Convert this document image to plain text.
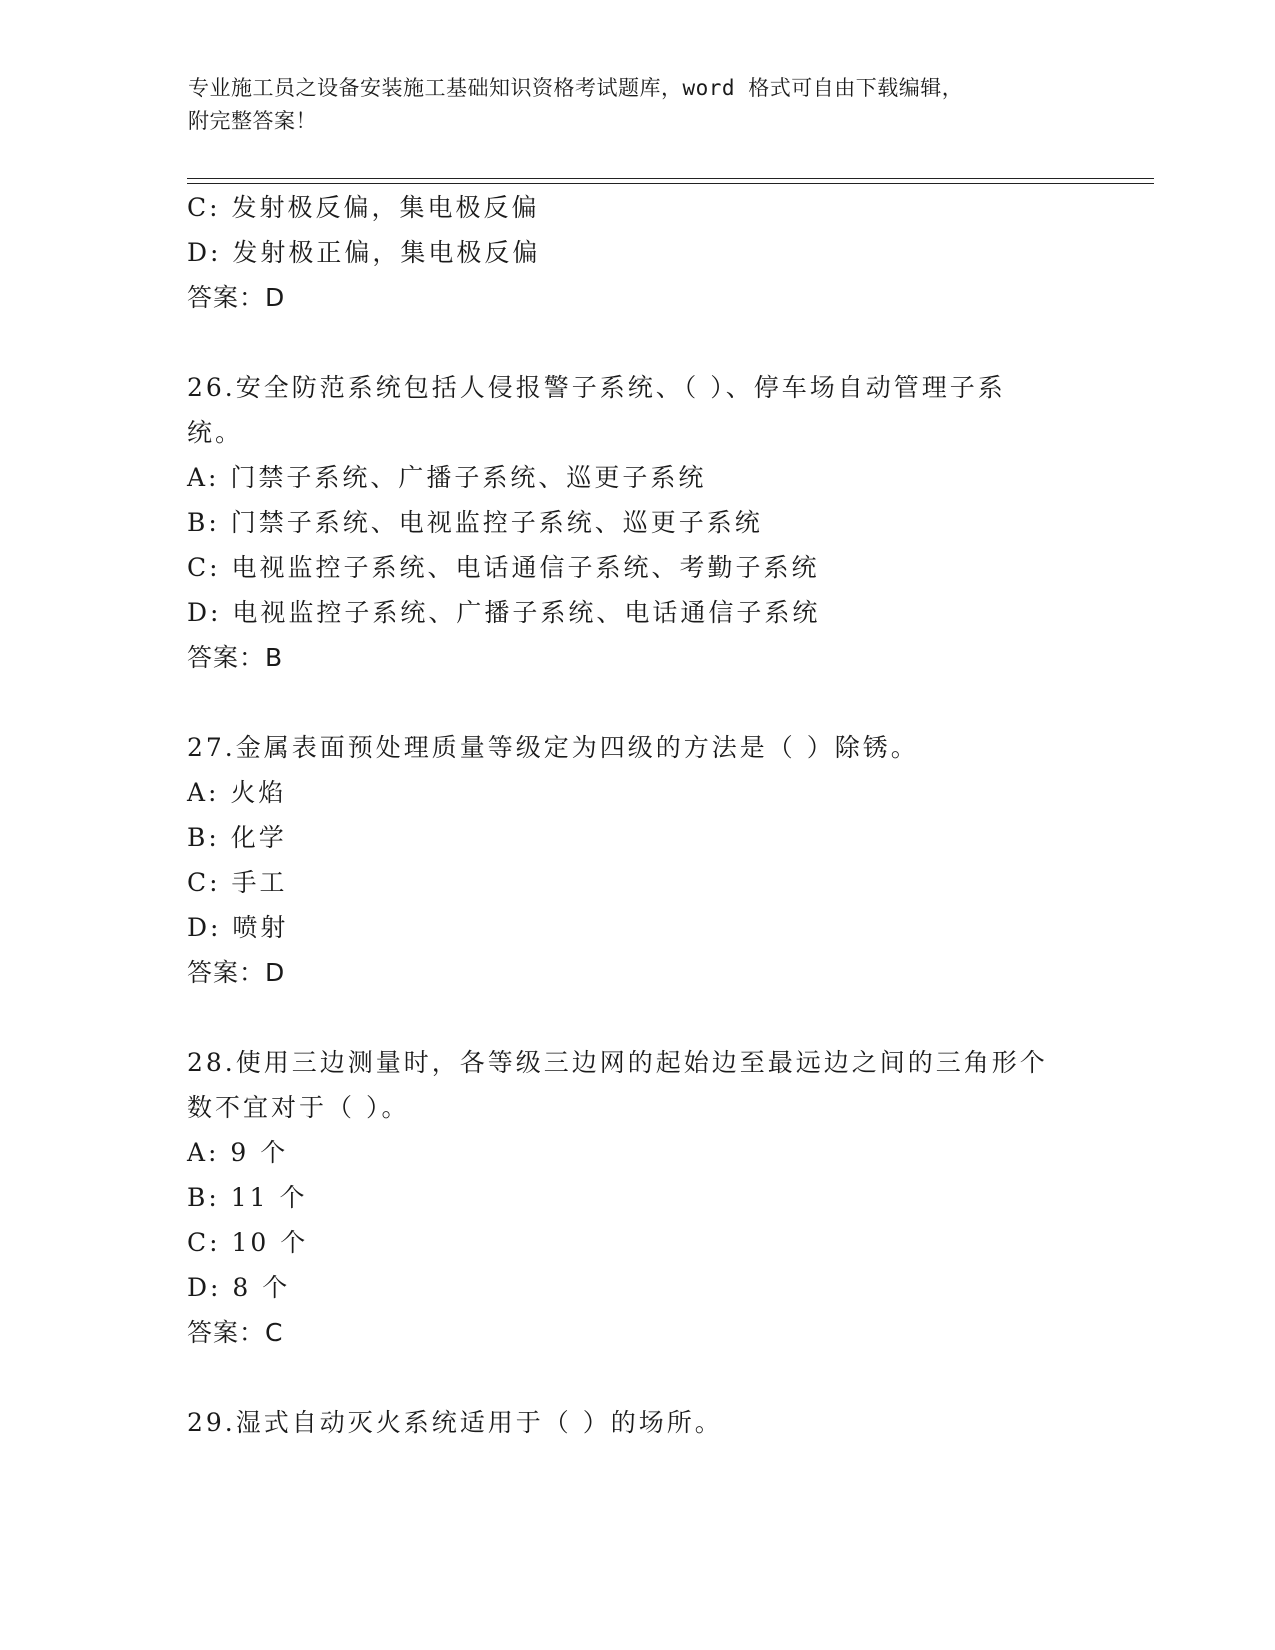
专业施工员之设备安装施工基础知识资格考试题库，word 格式可自由下载编辑，
附完整答案！
C: 发射极反偏，集电极反偏
D: 发射极正偏，集电极反偏
答案：D
26.安全防范系统包括人侵报警子系统、（ ）、停车场自动管理子系
统。
A: 门禁子系统、广播子系统、巡更子系统
B: 门禁子系统、电视监控子系统、巡更子系统
C: 电视监控子系统、电话通信子系统、考勤子系统
D: 电视监控子系统、广播子系统、电话通信子系统
答案：B
27.金属表面预处理质量等级定为四级的方法是（ ）除锈。
A: 火焰
B: 化学
C: 手工
D: 喷射
答案：D
28.使用三边测量时，各等级三边网的起始边至最远边之间的三角形个
数不宜对于（ ）。
A: 9 个
B: 11 个
C: 10 个
D: 8 个
答案：C
29.湿式自动灭火系统适用于（ ）的场所。
